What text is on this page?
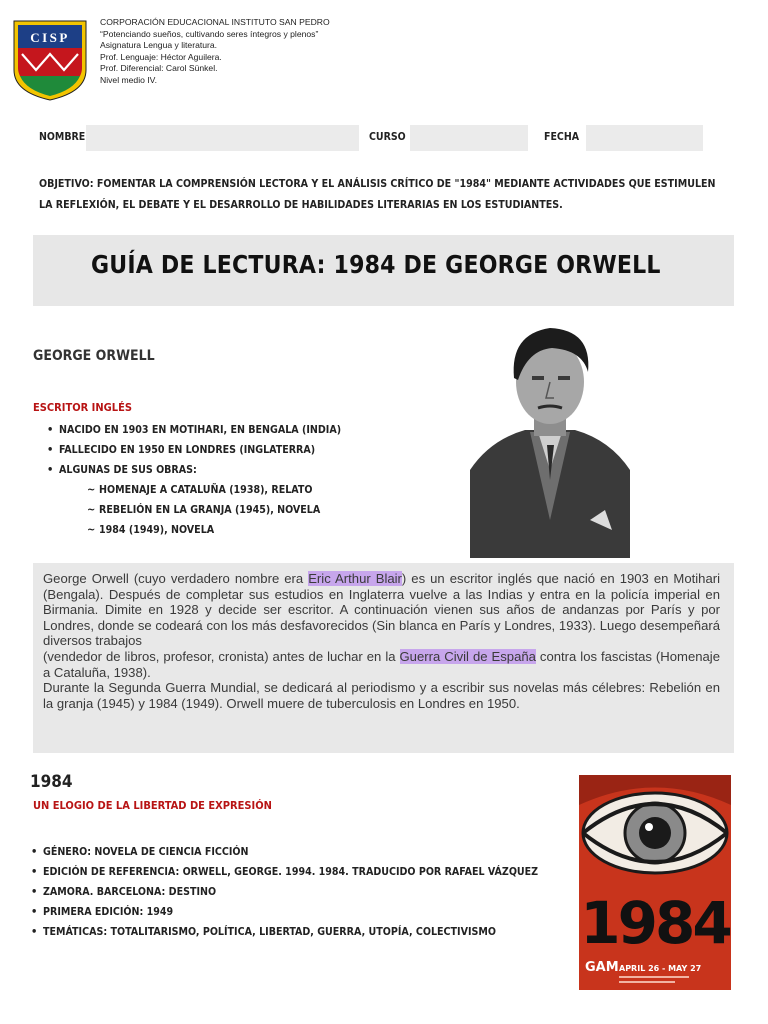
CISP
CORPORACIÓN EDUCACIONAL INSTITUTO SAN PEDRO
“Potenciando sueños, cultivando seres íntegros y plenos”
Asignatura Lengua y literatura.
Prof. Lenguaje: Héctor Aguilera.
Prof. Diferencial: Carol Sünkel.
Nivel medio IV.
NOMBRE	CURSO	FECHA
OBJETIVO: FOMENTAR LA COMPRENSIÓN LECTORA Y EL ANÁLISIS CRÍTICO DE "1984" MEDIANTE ACTIVIDADES QUE ESTIMULEN
LA REFLEXIÓN, EL DEBATE Y EL DESARROLLO DE HABILIDADES LITERARIAS EN LOS ESTUDIANTES.
GUÍA DE LECTURA: 1984 DE GEORGE ORWELL
GEORGE ORWELL
ESCRITOR INGLÉS
• NACIDO EN 1903 EN MOTIHARI, EN BENGALA (INDIA)
• FALLECIDO EN 1950 EN LONDRES (INGLATERRA)
• ALGUNAS DE SUS OBRAS:
~ HOMENAJE A CATALUÑA (1938), RELATO
~ REBELIÓN EN LA GRANJA (1945), NOVELA
~ 1984 (1949), NOVELA

George Orwell (cuyo verdadero nombre era Eric Arthur Blair) es un escritor inglés que nació en 1903 en Motihari (Bengala). Después de completar sus estudios en Inglaterra vuelve a las Indias y entra en la policía imperial en Birmania. Dimite en 1928 y decide ser escritor. A continuación vienen sus años de andanzas por París y por Londres, donde se codeará con los más desfavorecidos (Sin blanca en París y Londres, 1933). Luego desempeñará diversos trabajos

(vendedor de libros, profesor, cronista) antes de luchar en la Guerra Civil de España contra los fascistas (Homenaje a Cataluña, 1938).

Durante la Segunda Guerra Mundial, se dedicará al periodismo y a escribir sus novelas más célebres: Rebelión en la granja (1945) y 1984 (1949). Orwell muere de tuberculosis en Londres en 1950.

1984
UN ELOGIO DE LA LIBERTAD DE EXPRESIÓN
• GÉNERO: NOVELA DE CIENCIA FICCIÓN
• EDICIÓN DE REFERENCIA: ORWELL, GEORGE. 1994. 1984. TRADUCIDO POR RAFAEL VÁZQUEZ
• ZAMORA. BARCELONA: DESTINO
• PRIMERA EDICIÓN: 1949
• TEMÁTICAS: TOTALITARISMO, POLÍTICA, LIBERTAD, GUERRA, UTOPÍA, COLECTIVISMO	1984
GAM APRIL 26 - MAY 27
